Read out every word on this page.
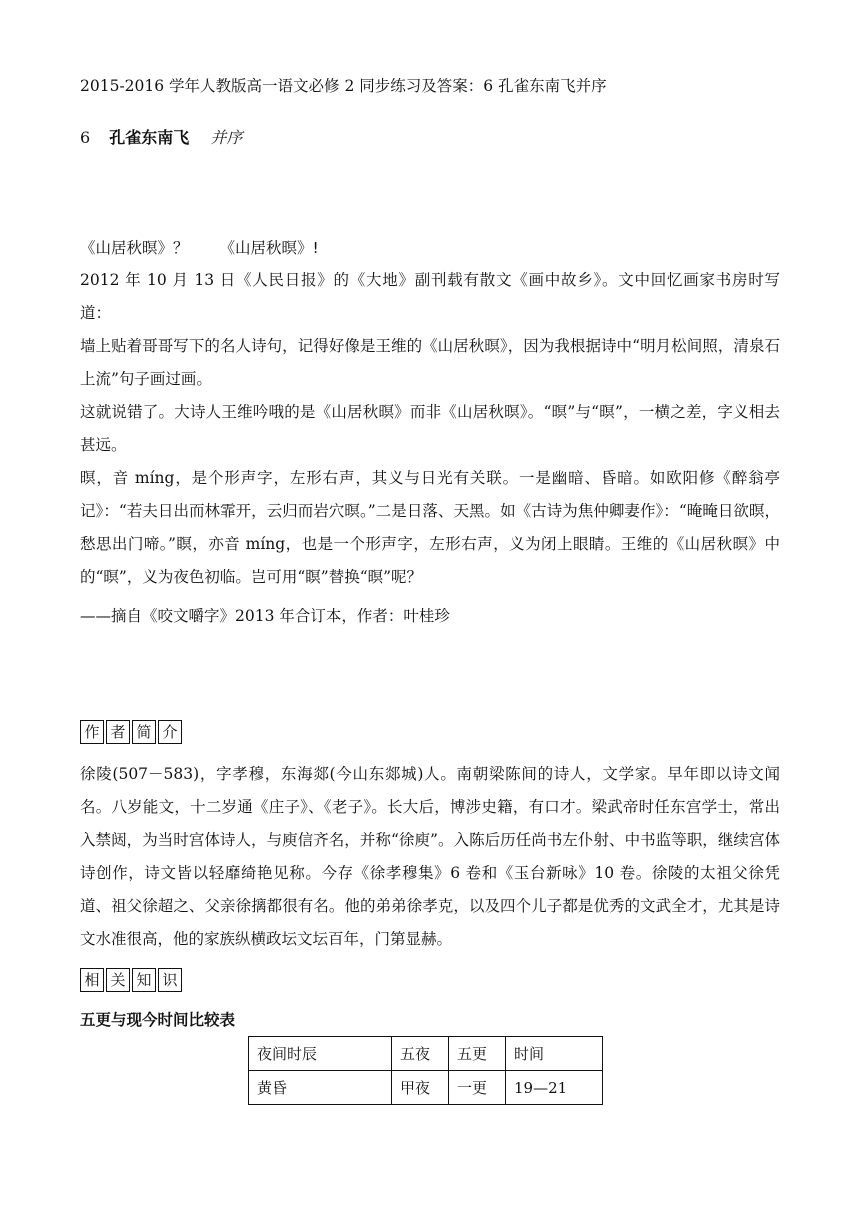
2015-2016 学年人教版高一语文必修 2 同步练习及答案：6 孔雀东南飞并序
6 孔雀东南飞 并序
《山居秋暝》？ 《山居秋暝》!
2012 年 10 月 13 日《人民日报》的《大地》副刊载有散文《画中故乡》。文中回忆画家书房时写道：
墙上贴着哥哥写下的名人诗句，记得好像是王维的《山居秋暝》，因为我根据诗中“明月松间照，清泉石上流”句子画过画。
这就说错了。大诗人王维吟哦的是《山居秋暝》而非《山居秋暝》。“暝”与“暝”，一横之差，字义相去甚远。
暝，音 míng，是个形声字，左形右声，其义与日光有关联。一是幽暗、昏暗。如欧阳修《醉翁亭记》：“若夫日出而林霏开，云归而岩穴暝。”二是日落、天黑。如《古诗为焦仲卿妻作》：“晻晻日欲暝，愁思出门啼。”瞑，亦音 míng，也是一个形声字，左形右声，义为闭上眼睛。王维的《山居秋暝》中的“暝”，义为夜色初临。岂可用“瞑”替换“暝”呢？
——摘自《咬文嚼字》2013 年合订本，作者：叶桂珍
作 者 简 介
徐陵(507－583)，字孝穆，东海郯(今山东郯城)人。南朝梁陈间的诗人，文学家。早年即以诗文闻名。八岁能文，十二岁通《庄子》、《老子》。长大后，博涉史籍，有口才。梁武帝时任东宫学士，常出入禁闼，为当时宫体诗人，与庾信齐名，并称“徐庾”。入陈后历任尚书左仆射、中书监等职，继续宫体诗创作，诗文皆以轻靡绮艳见称。今存《徐孝穆集》6 卷和《玉台新咏》10 卷。徐陵的太祖父徐凭道、祖父徐超之、父亲徐摛都很有名。他的弟弟徐孝克，以及四个儿子都是优秀的文武全才，尤其是诗文水准很高，他的家族纵横政坛文坛百年，门第显赫。
相 关 知 识
五更与现今时间比较表
夜间时辰	五夜	五更	时间
黄昏	甲夜	一更	19—21
